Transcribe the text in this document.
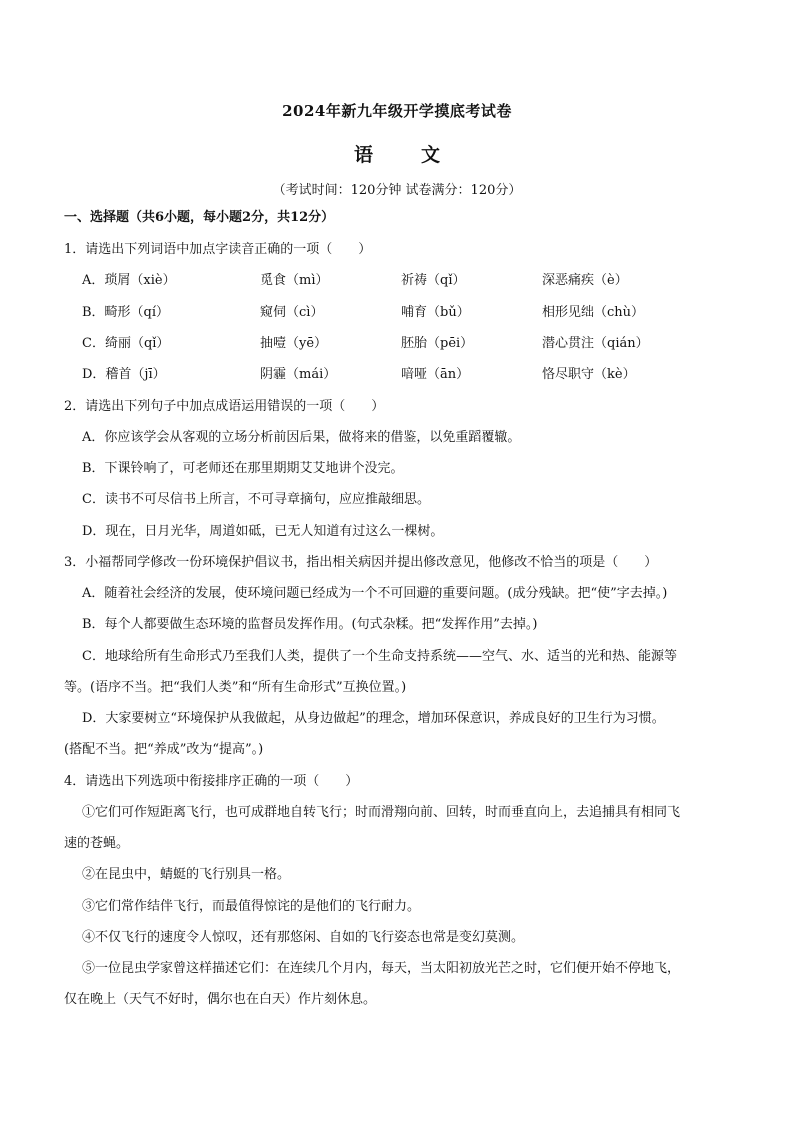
2024年新九年级开学摸底考试卷
语	文
（考试时间：120分钟 试卷满分：120分）
一、选择题（共6小题，每小题2分，共12分）
1．请选出下列词语中加点字读音正确的一项（　　）
A．琐屑（xiè）	觅食（mì）	祈祷（qǐ）	深恶痛疾（è）
B．畸形（qí）	窥伺（cì）	哺育（bǔ）	相形见绌（chù）
C．绮丽（qǐ）	抽噎（yē）	胚胎（pēi）	潜心贯注（qián）
D．稽首（jī）	阴霾（mái）	喑哑（ān）	恪尽职守（kè）
2．请选出下列句子中加点成语运用错误的一项（　　）
A．你应该学会从客观的立场分析前因后果，做将来的借鉴，以免重蹈覆辙。
B．下课铃响了，可老师还在那里期期艾艾地讲个没完。
C．读书不可尽信书上所言，不可寻章摘句，应应推敲细思。
D．现在，日月光华，周道如砥，已无人知道有过这么一棵树。
3．小福帮同学修改一份环境保护倡议书，指出相关病因并提出修改意见，他修改不恰当的项是（　　）
A．随着社会经济的发展，使环境问题已经成为一个不可回避的重要问题。(成分残缺。把“使”字去掉。)
B．每个人都要做生态环境的监督员发挥作用。(句式杂糅。把“发挥作用”去掉。)
C．地球给所有生命形式乃至我们人类，提供了一个生命支持系统——空气、水、适当的光和热、能源等
等。(语序不当。把“我们人类”和“所有生命形式”互换位置。)
D．大家要树立“环境保护从我做起，从身边做起”的理念，增加环保意识，养成良好的卫生行为习惯。
(搭配不当。把“养成”改为“提高”。)
4．请选出下列选项中衔接排序正确的一项（　　）
①它们可作短距离飞行，也可成群地自转飞行；时而滑翔向前、回转，时而垂直向上，去追捕具有相同飞
速的苍蝇。
②在昆虫中，蜻蜓的飞行别具一格。
③它们常作结伴飞行，而最值得惊诧的是他们的飞行耐力。
④不仅飞行的速度令人惊叹，还有那悠闲、自如的飞行姿态也常是变幻莫测。
⑤一位昆虫学家曾这样描述它们：在连续几个月内，每天，当太阳初放光芒之时，它们便开始不停地飞，
仅在晚上（天气不好时，偶尔也在白天）作片刻休息。
